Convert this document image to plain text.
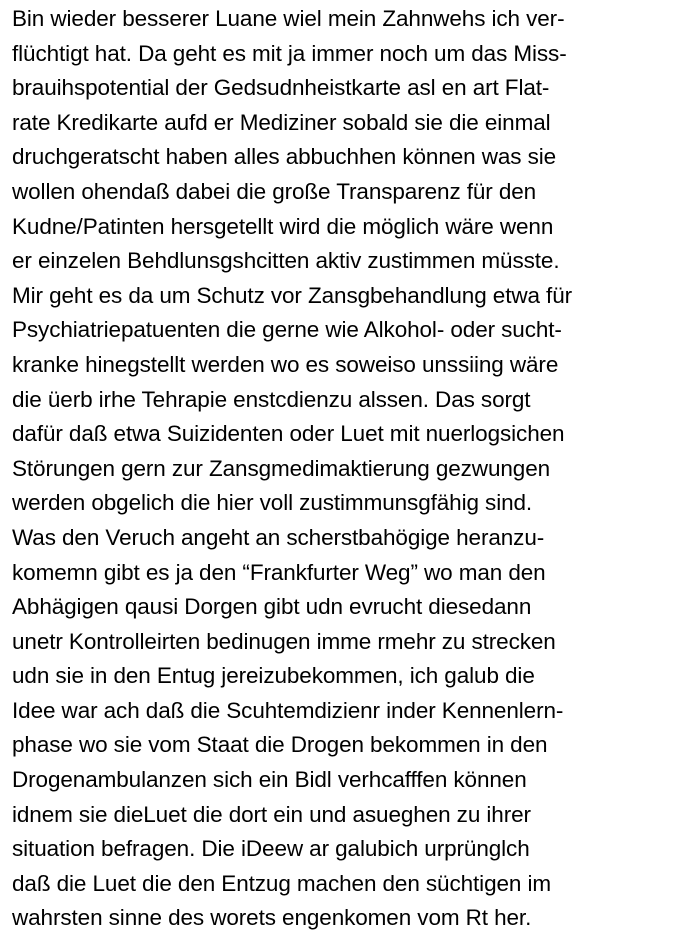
Bin wieder besserer Luane wiel mein Zahnwehs ich ver-
flüchtigt hat. Da geht es mit ja immer noch um das Miss-
brauihspotential der Gedsudnheistkarte asl en art Flat-
rate Kredikarte aufd er Mediziner sobald sie die einmal
druchgeratscht haben alles abbuchhen können was sie
wollen ohendaß dabei die große Transparenz für den
Kudne/Patinten hersgetellt wird die möglich wäre wenn
er einzelen Behdlunsgshcitten aktiv zustimmen müsste.
Mir geht es da um Schutz vor Zansgbehandlung etwa für
Psychiatriepatuenten die gerne wie Alkohol- oder sucht-
kranke hinegstellt werden wo es soweiso unssiing wäre
die üerb irhe Tehrapie enstcdienzu alssen. Das sorgt
dafür daß etwa Suizidenten oder Luet mit nuerlogsichen
Störungen gern zur Zansgmedimaktierung gezwungen
werden obgelich die hier voll zustimmunsgfähig sind.
Was den Veruch angeht an scherstbahögige heranzu-
komemn gibt es ja den “Frankfurter Weg” wo man den
Abhägigen qausi Dorgen gibt udn evrucht diesedann
unetr Kontrolleirten bedinugen imme rmehr zu strecken
udn sie in den Entug jereizubekommen, ich galub die
Idee war ach daß die Scuhtemdizienr inder Kennenlern-
phase wo sie vom Staat die Drogen bekommen in den
Drogenambulanzen sich ein Bidl verhcafffen können
idnem sie dieLuet die dort ein und asueghen zu ihrer
situation befragen. Die iDeew ar galubich urprünglch
daß die Luet die den Entzug machen den süchtigen im
wahrsten sinne des worets engenkomen vom Rt her.
